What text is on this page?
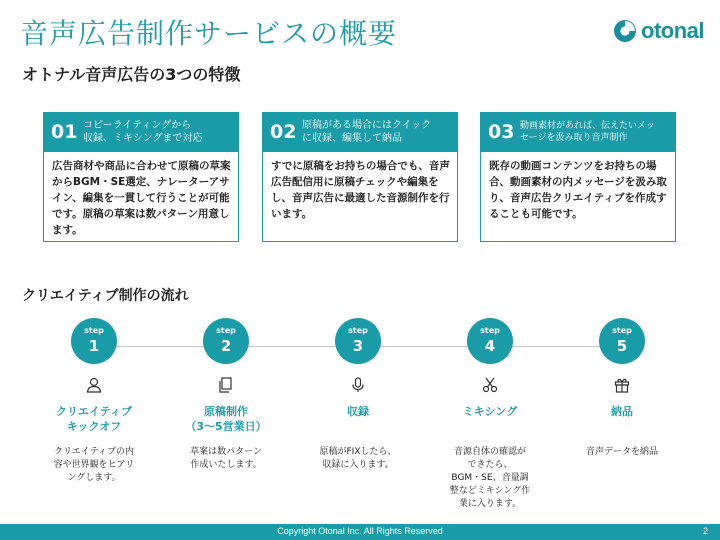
音声広告制作サービスの概要	otonal
オトナル音声広告の3つの特徴
01 コピーライティングから
収録、ミキシングまで対応
広告商材や商品に合わせて原稿の草案からBGM・SE選定、ナレーターアサイン、編集を一貫して行うことが可能です。原稿の草案は数パターン用意します。
02 原稿がある場合にはクイック
に収録、編集して納品
すでに原稿をお持ちの場合でも、音声広告配信用に原稿チェックや編集をし、音声広告に最適した音源制作を行います。
03 動画素材があれば、伝えたいメッ
セージを汲み取り音声制作
既存の動画コンテンツをお持ちの場合、動画素材の内メッセージを汲み取り、音声広告クリエイティブを作成することも可能です。
クリエイティブ制作の流れ
step
1
クリエイティブ
キックオフ
クリエイティブの内
容や世界観をヒアリ
ングします。
step
2
原稿制作
（3〜5営業日）
草案は数パターン
作成いたします。
step
3
収録
原稿がFIXしたら、
収録に入ります。
step
4
ミキシング
音源自体の確認が
できたら、
BGM・SE、音量調
整などミキシング作
業に入ります。
step
5
納品
音声データを納品
Copyright Otonal Inc. All Rights Reserved	2
